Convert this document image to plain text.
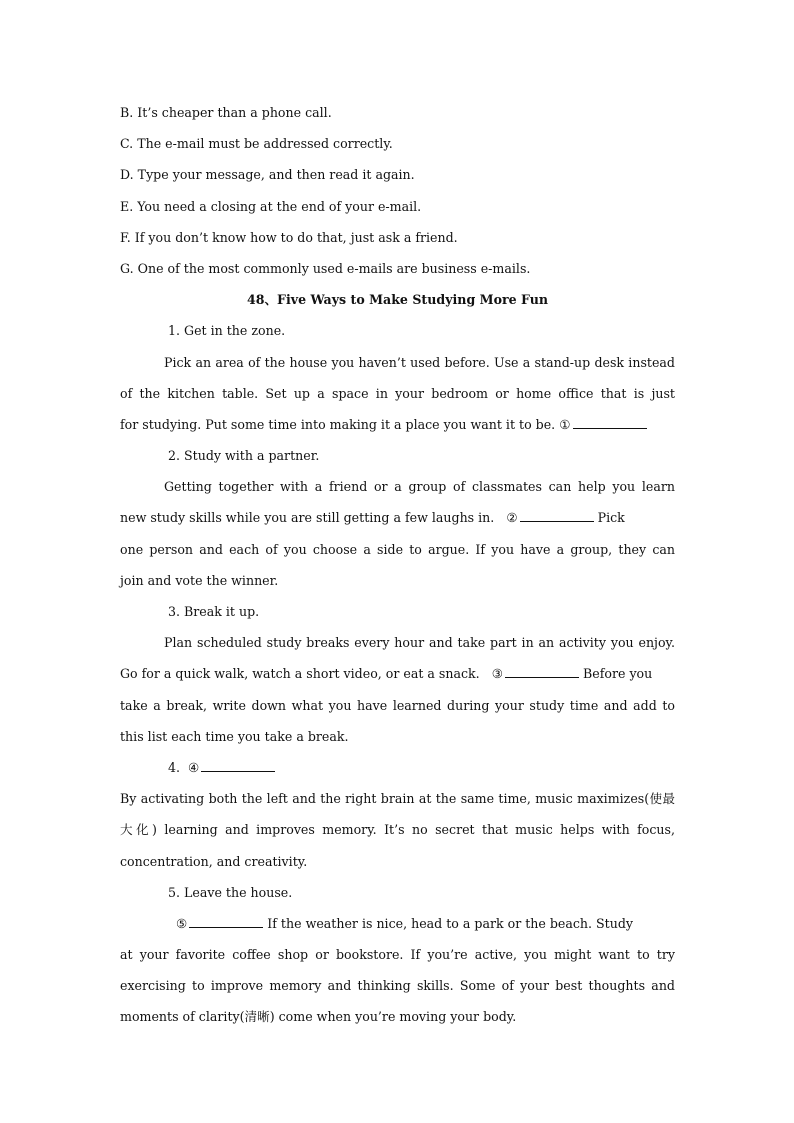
B. It’s cheaper than a phone call.
C. The e-mail must be addressed correctly.
D. Type your message, and then read it again.
E. You need a closing at the end of your e-mail.
F. If you don’t know how to do that, just ask a friend.
G. One of the most commonly used e-mails are business e-mails.
48、Five Ways to Make Studying More Fun
1. Get in the zone.
Pick an area of the house you haven’t used before. Use a stand-up desk instead
of the kitchen table. Set up a space in your bedroom or home office that is just
for studying. Put some time into making it a place you want it to be. ①
2. Study with a partner.
Getting together with a friend or a group of classmates can help you learn
new study skills while you are still getting a few laughs in. ②	Pick
one person and each of you choose a side to argue. If you have a group, they can
join and vote the winner.
3. Break it up.
Plan scheduled study breaks every hour and take part in an activity you enjoy.
Go for a quick walk, watch a short video, or eat a snack. ③	Before you
take a break, write down what you have learned during your study time and add to
this list each time you take a break.
4. ④
By activating both the left and the right brain at the same time, music maximizes(使最
大化) learning and improves memory. It’s no secret that music helps with focus,
concentration, and creativity.
5. Leave the house.
⑤	If the weather is nice, head to a park or the beach. Study
at your favorite coffee shop or bookstore. If you’re active, you might want to try
exercising to improve memory and thinking skills. Some of your best thoughts and
moments of clarity(清晰) come when you’re moving your body.
